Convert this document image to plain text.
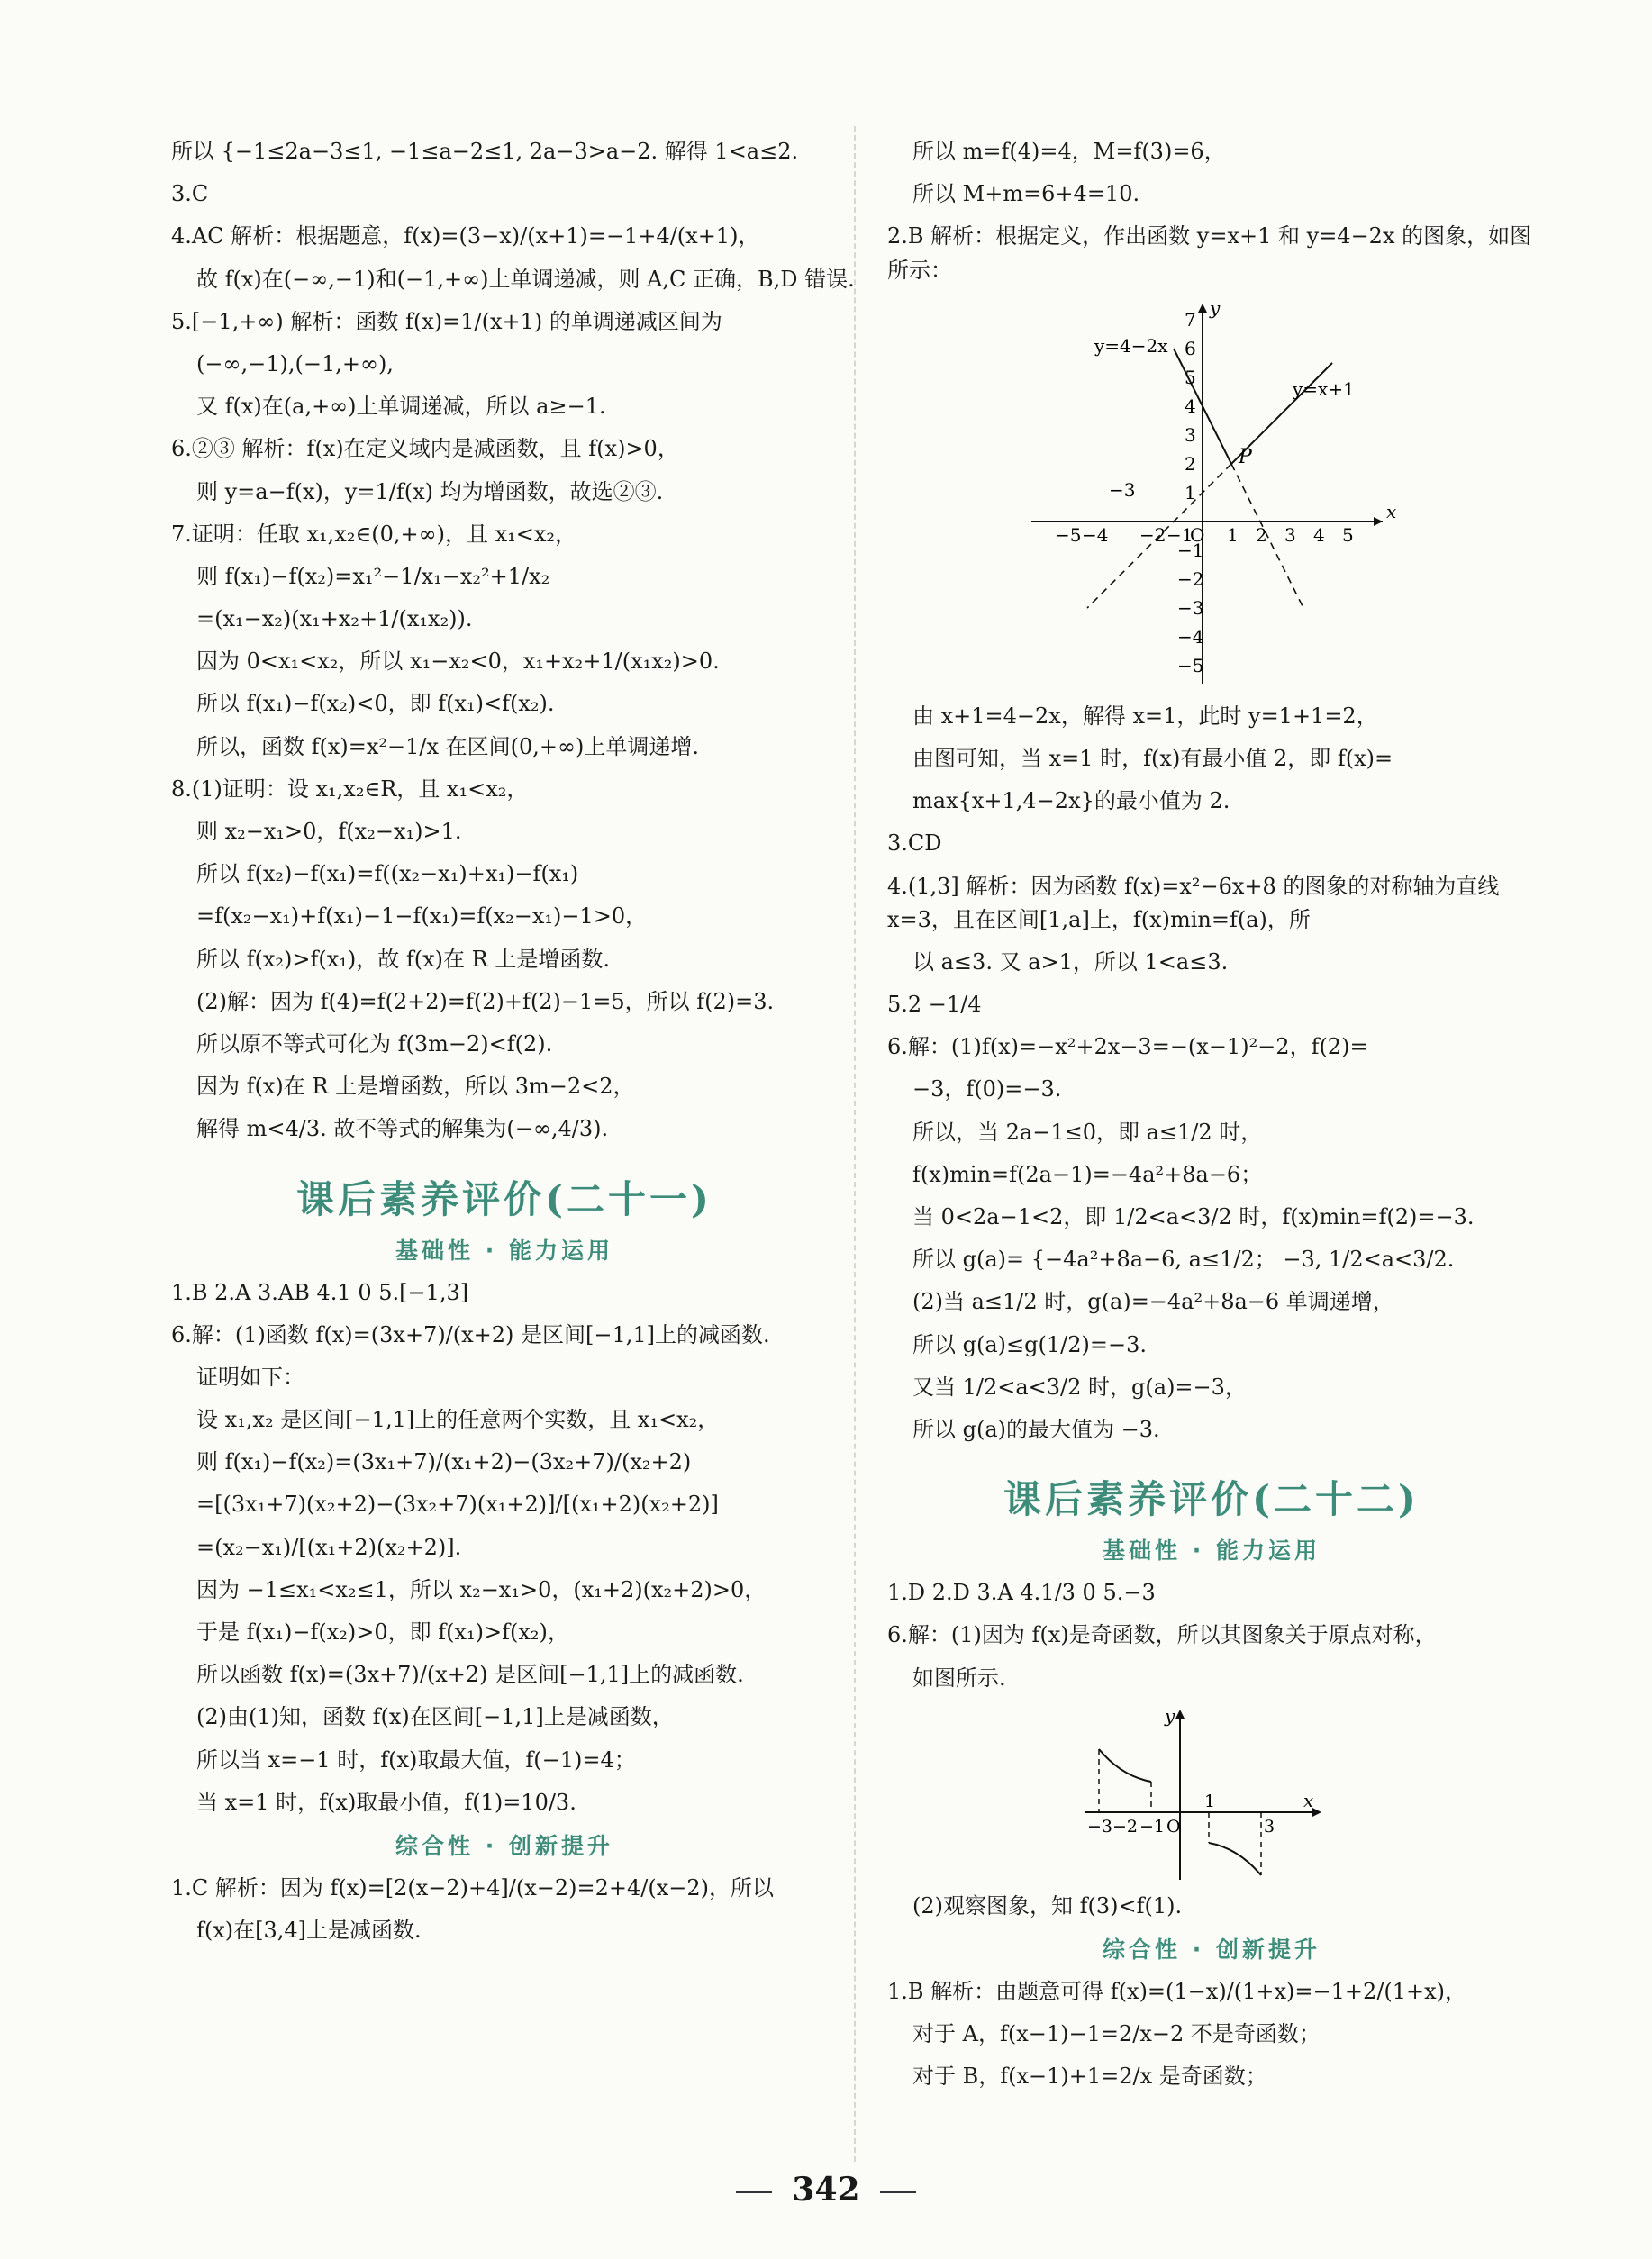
所以 {−1≤2a−3≤1, −1≤a−2≤1, 2a−3>a−2. 解得 1<a≤2.

3.C

4.AC 解析：根据题意，f(x)=(3−x)/(x+1)=−1+4/(x+1)，

故 f(x)在(−∞,−1)和(−1,+∞)上单调递减，则 A,C 正确，B,D 错误.

5.[−1,+∞) 解析：函数 f(x)=1/(x+1) 的单调递减区间为

(−∞,−1),(−1,+∞),

又 f(x)在(a,+∞)上单调递减，所以 a≥−1.

6.②③ 解析：f(x)在定义域内是减函数，且 f(x)>0，

则 y=a−f(x)，y=1/f(x) 均为增函数，故选②③.

7.证明：任取 x₁,x₂∈(0,+∞)，且 x₁<x₂，

则 f(x₁)−f(x₂)=x₁²−1/x₁−x₂²+1/x₂

=(x₁−x₂)(x₁+x₂+1/(x₁x₂)).

因为 0<x₁<x₂，所以 x₁−x₂<0，x₁+x₂+1/(x₁x₂)>0.

所以 f(x₁)−f(x₂)<0，即 f(x₁)<f(x₂).

所以，函数 f(x)=x²−1/x 在区间(0,+∞)上单调递增.

8.(1)证明：设 x₁,x₂∈R，且 x₁<x₂，

则 x₂−x₁>0，f(x₂−x₁)>1.

所以 f(x₂)−f(x₁)=f((x₂−x₁)+x₁)−f(x₁)

=f(x₂−x₁)+f(x₁)−1−f(x₁)=f(x₂−x₁)−1>0，

所以 f(x₂)>f(x₁)，故 f(x)在 R 上是增函数.

(2)解：因为 f(4)=f(2+2)=f(2)+f(2)−1=5，所以 f(2)=3.

所以原不等式可化为 f(3m−2)<f(2).

因为 f(x)在 R 上是增函数，所以 3m−2<2，

解得 m<4/3. 故不等式的解集为(−∞,4/3).

课后素养评价(二十一)
基础性 · 能力运用

1.B 2.A 3.AB 4.1 0 5.[−1,3]

6.解：(1)函数 f(x)=(3x+7)/(x+2) 是区间[−1,1]上的减函数.

证明如下：

设 x₁,x₂ 是区间[−1,1]上的任意两个实数，且 x₁<x₂，

则 f(x₁)−f(x₂)=(3x₁+7)/(x₁+2)−(3x₂+7)/(x₂+2)

=[(3x₁+7)(x₂+2)−(3x₂+7)(x₁+2)]/[(x₁+2)(x₂+2)]

=(x₂−x₁)/[(x₁+2)(x₂+2)].

因为 −1≤x₁<x₂≤1，所以 x₂−x₁>0，(x₁+2)(x₂+2)>0，

于是 f(x₁)−f(x₂)>0，即 f(x₁)>f(x₂)，

所以函数 f(x)=(3x+7)/(x+2) 是区间[−1,1]上的减函数.

(2)由(1)知，函数 f(x)在区间[−1,1]上是减函数，

所以当 x=−1 时，f(x)取最大值，f(−1)=4；

当 x=1 时，f(x)取最小值，f(1)=10/3.

综合性 · 创新提升

1.C 解析：因为 f(x)=[2(x−2)+4]/(x−2)=2+4/(x−2)，所以

f(x)在[3,4]上是减函数.

所以 m=f(4)=4，M=f(3)=6，

所以 M+m=6+4=10.

2.B 解析：根据定义，作出函数 y=x+1 和 y=4−2x 的图象，如图所示：

y=4−2x
y=x+1
P
x
y
O
−3
−5 −4 −2 −1 1 2 3 4 5
7
6
5
4
3
2
1
−1
−2
−3
−4
−5

由 x+1=4−2x，解得 x=1，此时 y=1+1=2，

由图可知，当 x=1 时，f(x)有最小值 2，即 f(x)=

max{x+1,4−2x}的最小值为 2.

3.CD

4.(1,3] 解析：因为函数 f(x)=x²−6x+8 的图象的对称轴为直线 x=3，且在区间[1,a]上，f(x)min=f(a)，所

以 a≤3. 又 a>1，所以 1<a≤3.

5.2 −1/4

6.解：(1)f(x)=−x²+2x−3=−(x−1)²−2，f(2)=

−3，f(0)=−3.

所以，当 2a−1≤0，即 a≤1/2 时，

f(x)min=f(2a−1)=−4a²+8a−6；

当 0<2a−1<2，即 1/2<a<3/2 时，f(x)min=f(2)=−3.

所以 g(a)= {−4a²+8a−6, a≤1/2； −3, 1/2<a<3/2.

(2)当 a≤1/2 时，g(a)=−4a²+8a−6 单调递增，

所以 g(a)≤g(1/2)=−3.

又当 1/2<a<3/2 时，g(a)=−3，

所以 g(a)的最大值为 −3.

课后素养评价(二十二)
基础性 · 能力运用

1.D 2.D 3.A 4.1/3 0 5.−3

6.解：(1)因为 f(x)是奇函数，所以其图象关于原点对称，

如图所示.

x
y
−3 −2 −1 O
1
3

(2)观察图象，知 f(3)<f(1).

综合性 · 创新提升

1.B 解析：由题意可得 f(x)=(1−x)/(1+x)=−1+2/(1+x)，

对于 A，f(x−1)−1=2/x−2 不是奇函数；

对于 B，f(x−1)+1=2/x 是奇函数；

342
